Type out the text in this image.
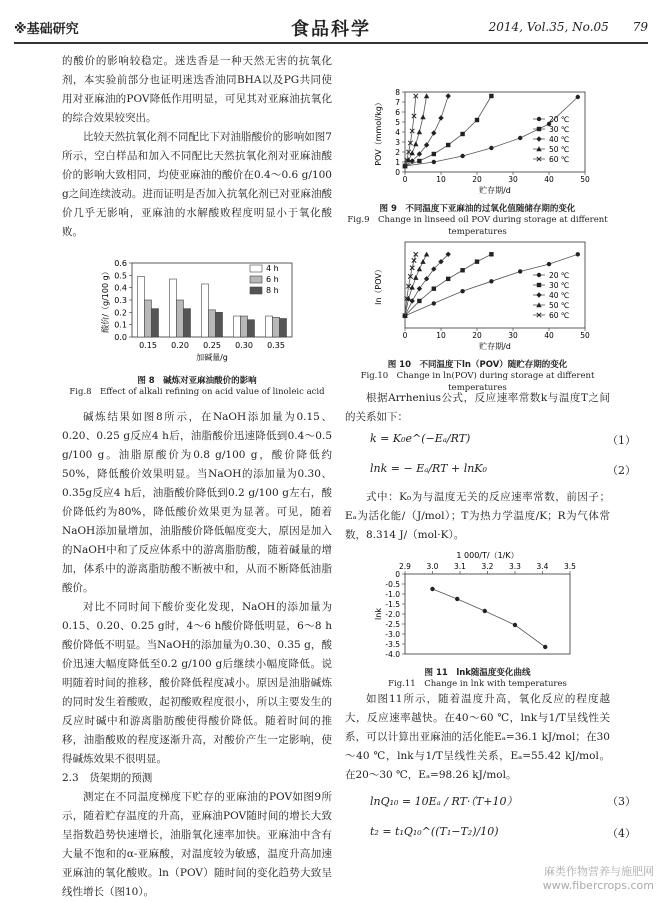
※基础研究	食品科学	2014, Vol.35, No.05　　79

的酸价的影响较稳定。迷迭香是一种天然无害的抗氧化剂，本实验前部分也证明迷迭香油同BHA以及PG共同使用对亚麻油的POV降低作用明显，可见其对亚麻油抗氧化的综合效果较突出。

比较天然抗氧化剂不同配比下对油脂酸价的影响如图7所示，空白样品和加入不同配比天然抗氧化剂对亚麻油酸价的影响大致相同，均使亚麻油的酸价在0.4～0.6 g/100 g之间连续波动。进而证明是否加入抗氧化剂已对亚麻油酸价几乎无影响，亚麻油的水解酸败程度明显小于氧化酸败。

0.0
0.1
0.2
0.3
0.4
0.5
0.6
0.15 0.20 0.25 0.30 0.35
加碱量/g
酸价/（g/100 g）	4 h
6 h
8 h
图 8　碱炼对亚麻油酸价的影响
Fig.8　Effect of alkali refining on acid value of linoleic acid

碱炼结果如图8所示，在NaOH添加量为0.15、0.20、0.25 g反应4 h后，油脂酸价迅速降低到0.4～0.5 g/100 g。油脂原酸价为0.8 g/100 g，酸价降低约50%，降低酸价效果明显。当NaOH的添加量为0.30、0.35g反应4 h后，油脂酸价降低到0.2 g/100 g左右，酸价降低约为80%，降低酸价效果更为显著。可见，随着NaOH添加量增加，油脂酸价降低幅度变大，原因是加入的NaOH中和了反应体系中的游离脂肪酸，随着碱量的增加，体系中的游离脂肪酸不断被中和，从而不断降低油脂酸价。

对比不同时间下酸价变化发现，NaOH的添加量为0.15、0.20、0.25 g时，4～6 h酸价降低明显，6～8 h酸价降低不明显。当NaOH的添加量为0.30、0.35 g，酸价迅速大幅度降低至0.2 g/100 g后继续小幅度降低。说明随着时间的推移，酸价降低程度减小。原因是油脂碱炼的同时发生着酸败，起初酸败程度很小，所以主要发生的反应时碱中和游离脂肪酸使得酸价降低。随着时间的推移，油脂酸败的程度逐渐升高，对酸价产生一定影响，使得碱炼效果不很明显。

2.3　货架期的预测

测定在不同温度梯度下贮存的亚麻油的POV如图9所示，随着贮存温度的升高，亚麻油POV随时间的增长大致呈指数趋势快速增长，油脂氧化速率加快。亚麻油中含有大量不饱和的α-亚麻酸，对温度较为敏感，温度升高加速亚麻油的氧化酸败。ln（POV）随时间的变化趋势大致呈线性增长（图10）。

0	10	20	30	40	50
0
1
2
3
4
5
6
7
8
20 ℃
30 ℃
40 ℃
50 ℃
60 ℃
贮存期/d
POV（mmol/kg）
图 9　不同温度下亚麻油的过氧化值随储存期的变化
Fig.9　Change in linseed oil POV during storage at different temperatures
0	10	20	30	40	50
20 ℃
30 ℃
40 ℃
50 ℃
60 ℃
贮存期/d
ln（POV）
图 10　不同温度下ln（POV）随贮存期的变化
Fig.10　Change in ln(POV) during storage at different temperatures

根据Arrhenius公式，反应速率常数k与温度T之间的关系如下：

k = K₀e^(−Eₐ/RT)	（1）
lnk = − Eₐ/RT + lnK₀	（2）

式中：K₀为与温度无关的反应速率常数，前因子；Eₐ为活化能/（J/mol）；T为热力学温度/K；R为气体常数，8.314 J/（mol·K）。

2.9 3.0 3.1 3.2 3.3 3.4 3.5
0
-0.5
-1.0
-1.5
-2.0
-2.5
-3.0
-3.5
-4.0
1 000/T/（1/K）
lnk
图 11　lnk随温度变化曲线
Fig.11　Change in lnk with temperatures

如图11所示，随着温度升高，氧化反应的程度越大，反应速率越快。在40～60 ℃，lnk与1/T呈线性关系，可以计算出亚麻油的活化能Eₐ=36.1 kJ/mol；在30～40 ℃，lnk与1/T呈线性关系，Eₐ=55.42 kJ/mol。在20～30 ℃，Eₐ=98.26 kJ/mol。

lnQ₁₀ = 10Eₐ / RT·（T+10）	（3）
t₂ = t₁Q₁₀^((T₁−T₂)/10)	（4）
麻类作物营养与施肥网
www.fibercrops.com
